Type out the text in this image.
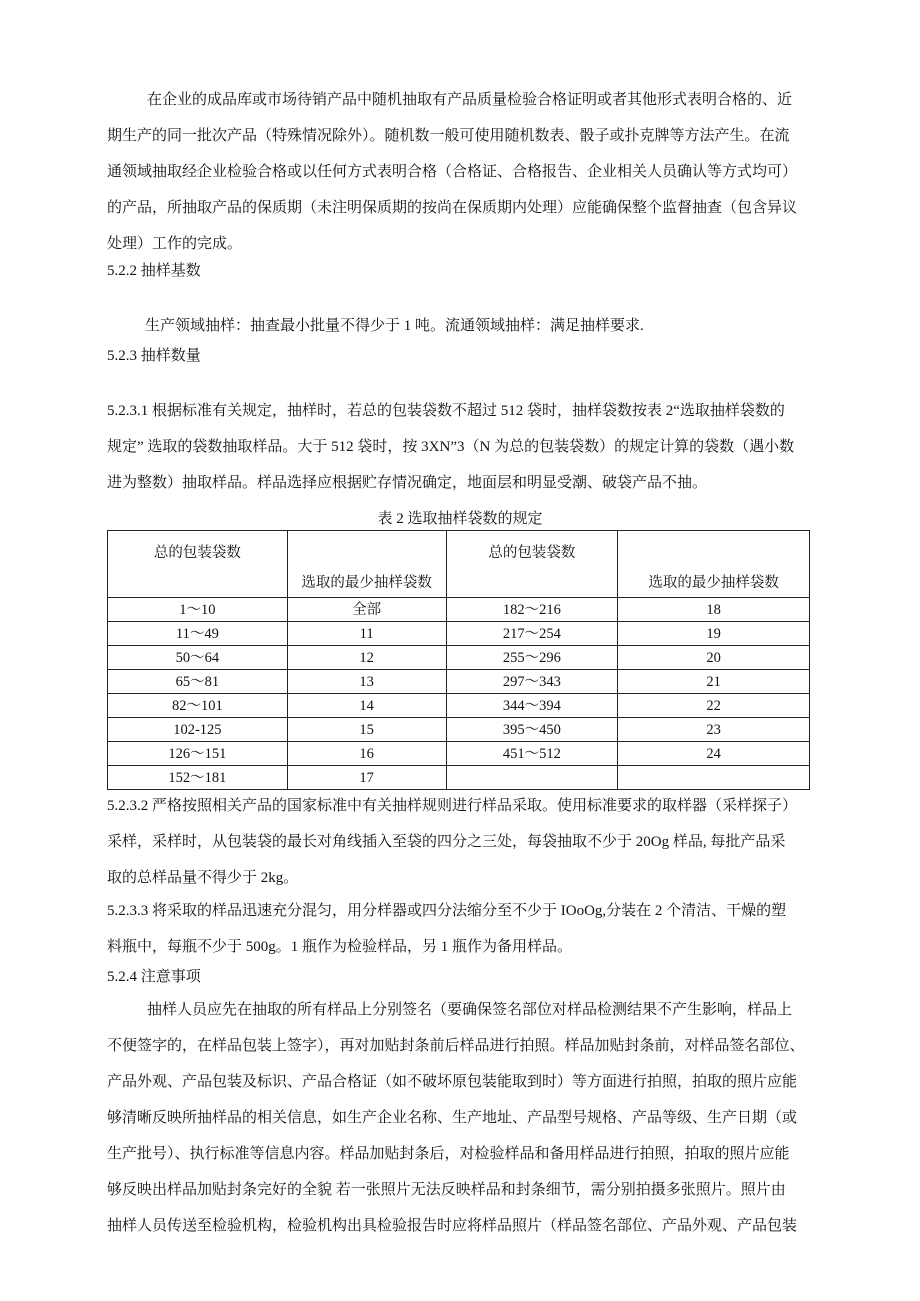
在企业的成品库或市场待销产品中随机抽取有产品质量检验合格证明或者其他形式表明合格的、近
期生产的同一批次产品（特殊情况除外）。随机数一般可使用随机数表、骰子或扑克牌等方法产生。在流
通领域抽取经企业检验合格或以任何方式表明合格（合格证、合格报告、企业相关人员确认等方式均可）
的产品，所抽取产品的保质期（未注明保质期的按尚在保质期内处理）应能确保整个监督抽查（包含异议
处理）工作的完成。
5.2.2 抽样基数
生产领域抽样：抽查最小批量不得少于 1 吨。流通领域抽样：满足抽样要求.
5.2.3 抽样数量
5.2.3.1 根据标准有关规定，抽样时，若总的包装袋数不超过 512 袋时，抽样袋数按表 2“选取抽样袋数的
规定” 选取的袋数抽取样品。大于 512 袋时，按 3XN”3（N 为总的包装袋数）的规定计算的袋数（遇小数
进为整数）抽取样品。样品选择应根据贮存情况确定，地面层和明显受潮、破袋产品不抽。
表 2 选取抽样袋数的规定
总的包装袋数	选取的最少抽样袋数	总的包装袋数	选取的最少抽样袋数
1～10	全部	182～216	18
11～49	11	217～254	19
50～64	12	255～296	20
65～81	13	297～343	21
82～101	14	344～394	22
102-125	15	395～450	23
126～151	16	451～512	24
152～181	17		
5.2.3.2 严格按照相关产品的国家标准中有关抽样规则进行样品采取。使用标准要求的取样器（采样探子）
采样，采样时，从包装袋的最长对角线插入至袋的四分之三处，每袋抽取不少于 20Og 样品, 每批产品采
取的总样品量不得少于 2kg。
5.2.3.3 将采取的样品迅速充分混匀，用分样器或四分法缩分至不少于 IOoOg,分装在 2 个清洁、干燥的塑
料瓶中，每瓶不少于 500g。1 瓶作为检验样品，另 1 瓶作为备用样品。
5.2.4 注意事项
抽样人员应先在抽取的所有样品上分别签名（要确保签名部位对样品检测结果不产生影响，样品上
不便签字的，在样品包装上签字），再对加贴封条前后样品进行拍照。样品加贴封条前，对样品签名部位、
产品外观、产品包装及标识、产品合格证（如不破坏原包装能取到时）等方面进行拍照，拍取的照片应能
够清晰反映所抽样品的相关信息，如生产企业名称、生产地址、产品型号规格、产品等级、生产日期（或
生产批号）、执行标准等信息内容。样品加贴封条后，对检验样品和备用样品进行拍照，拍取的照片应能
够反映出样品加贴封条完好的全貌 若一张照片无法反映样品和封条细节，需分别拍摄多张照片。照片由
抽样人员传送至检验机构，检验机构出具检验报告时应将样品照片（样品签名部位、产品外观、产品包装
